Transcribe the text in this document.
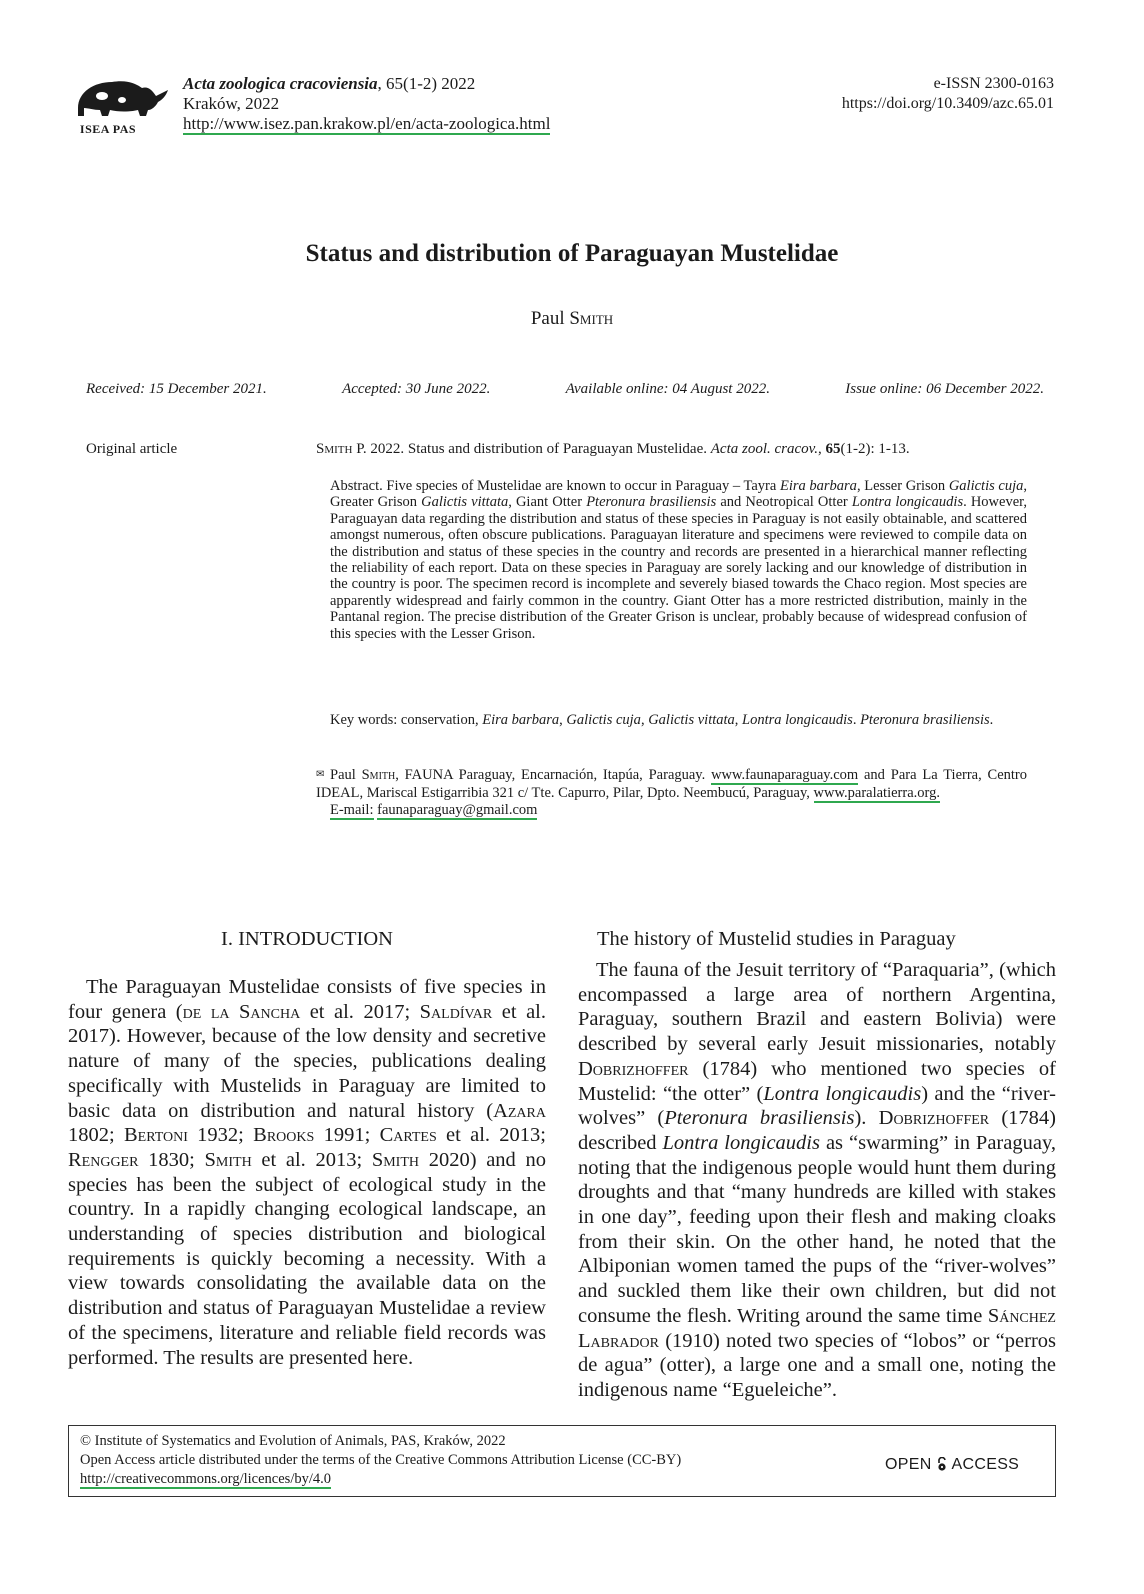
ISEA PAS
Acta zoologica cracoviensia, 65(1-2) 2022
Kraków, 2022
http://www.isez.pan.krakow.pl/en/acta-zoologica.html
e-ISSN 2300-0163
https://doi.org/10.3409/azc.65.01
Status and distribution of Paraguayan Mustelidae
Paul Smith
Received: 15 December 2021.	Accepted: 30 June 2022.	Available online: 04 August 2022.	Issue online: 06 December 2022.
Original article	Smith P. 2022. Status and distribution of Paraguayan Mustelidae. Acta zool. cracov., 65(1-2): 1-13.
Abstract. Five species of Mustelidae are known to occur in Paraguay – Tayra Eira barbara, Lesser Grison Galictis cuja, Greater Grison Galictis vittata, Giant Otter Pteronura brasiliensis and Neotropical Otter Lontra longicaudis. However, Paraguayan data regarding the distribution and status of these species in Paraguay is not easily obtainable, and scattered amongst numerous, often obscure publications. Paraguayan literature and specimens were reviewed to compile data on the distribution and status of these species in the country and records are presented in a hierarchical manner reflecting the reliability of each report. Data on these species in Paraguay are sorely lacking and our knowledge of distribution in the country is poor. The specimen record is incomplete and severely biased towards the Chaco region. Most species are apparently widespread and fairly common in the country. Giant Otter has a more restricted distribution, mainly in the Pantanal region. The precise distribution of the Greater Grison is unclear, probably because of widespread confusion of this species with the Lesser Grison.
Key words: conservation, Eira barbara, Galictis cuja, Galictis vittata, Lontra longicaudis. Pteronura brasiliensis.
✉ Paul Smith, FAUNA Paraguay, Encarnación, Itapúa, Paraguay. www.faunaparaguay.com and Para La Tierra, Centro IDEAL, Mariscal Estigarribia 321 c/ Tte. Capurro, Pilar, Dpto. Neembucú, Paraguay, www.paralatierra.org.
E-mail: faunaparaguay@gmail.com
I. INTRODUCTION
The Paraguayan Mustelidae consists of five species in four genera (de la Sancha et al. 2017; Saldívar et al. 2017). However, because of the low density and secretive nature of many of the species, publications dealing specifically with Mustelids in Paraguay are limited to basic data on distribution and natural history (Azara 1802; Bertoni 1932; Brooks 1991; Cartes et al. 2013; Rengger 1830; Smith et al. 2013; Smith 2020) and no species has been the subject of ecological study in the country. In a rapidly changing ecological landscape, an understanding of species distribution and biological requirements is quickly becoming a necessity. With a view towards consolidating the available data on the distribution and status of Paraguayan Mustelidae a review of the specimens, literature and reliable field records was performed. The results are presented here.
The history of Mustelid studies in Paraguay
The fauna of the Jesuit territory of “Paraquaria”, (which encompassed a large area of northern Argentina, Paraguay, southern Brazil and eastern Bolivia) were described by several early Jesuit missionaries, notably Dobrizhoffer (1784) who mentioned two species of Mustelid: “the otter” (Lontra longicaudis) and the “river-wolves” (Pteronura brasiliensis). Dobrizhoffer (1784) described Lontra longicaudis as “swarming” in Paraguay, noting that the indigenous people would hunt them during droughts and that “many hundreds are killed with stakes in one day”, feeding upon their flesh and making cloaks from their skin. On the other hand, he noted that the Albiponian women tamed the pups of the “river-wolves” and suckled them like their own children, but did not consume the flesh. Writing around the same time Sánchez Labrador (1910) noted two species of “lobos” or “perros de agua” (otter), a large one and a small one, noting the indigenous name “Egueleiche”.
© Institute of Systematics and Evolution of Animals, PAS, Kraków, 2022
Open Access article distributed under the terms of the Creative Commons Attribution License (CC-BY)
http://creativecommons.org/licences/by/4.0
OPEN ACCESS
